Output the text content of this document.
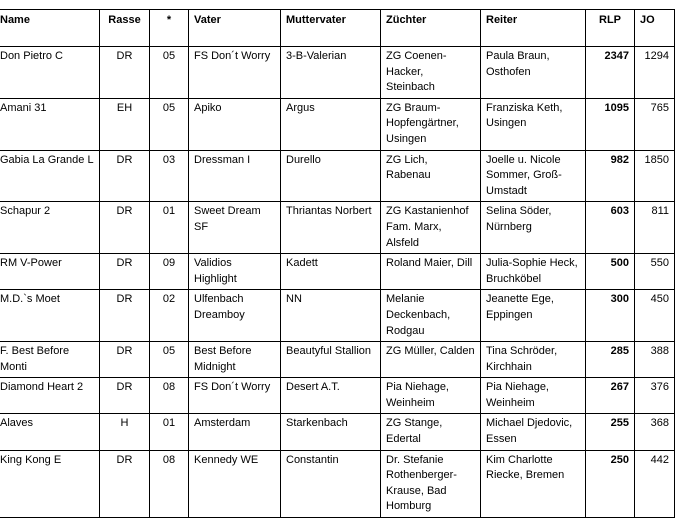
Name	Rasse	*	Vater	Muttervater	Züchter	Reiter	RLP	JO
Don Pietro C	DR	05	FS Don´t Worry	3-B-Valerian	ZG Coenen-Hacker, Steinbach	Paula Braun, Osthofen	2347	1294
Amani 31	EH	05	Apiko	Argus	ZG Braum-Hopfengärtner, Usingen	Franziska Keth, Usingen	1095	765
Gabia La Grande L	DR	03	Dressman I	Durello	ZG Lich, Rabenau	Joelle u. Nicole Sommer, Groß-Umstadt	982	1850
Schapur 2	DR	01	Sweet Dream SF	Thriantas Norbert	ZG Kastanienhof Fam. Marx, Alsfeld	Selina Söder, Nürnberg	603	811
RM V-Power	DR	09	Validios Highlight	Kadett	Roland Maier, Dill	Julia-Sophie Heck, Bruchköbel	500	550
M.D.`s Moet	DR	02	Ulfenbach Dreamboy	NN	Melanie Deckenbach, Rodgau	Jeanette Ege, Eppingen	300	450
F. Best Before Monti	DR	05	Best Before Midnight	Beautyful Stallion	ZG Müller, Calden	Tina Schröder, Kirchhain	285	388
Diamond Heart 2	DR	08	FS Don´t Worry	Desert A.T.	Pia Niehage, Weinheim	Pia Niehage, Weinheim	267	376
Alaves	H	01	Amsterdam	Starkenbach	ZG Stange, Edertal	Michael Djedovic, Essen	255	368
King Kong E	DR	08	Kennedy WE	Constantin	Dr. Stefanie Rothenberger-Krause, Bad Homburg	Kim Charlotte Riecke, Bremen	250	442
